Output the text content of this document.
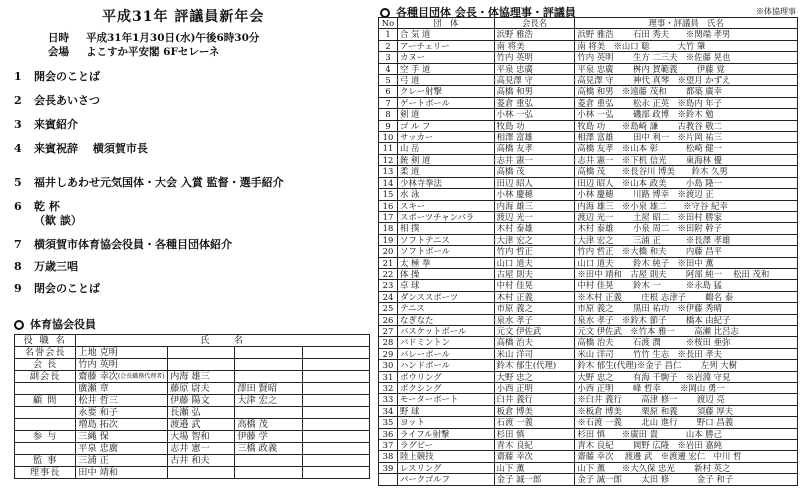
平成31年 評議員新年会
日時 平成31年1月30日(水)午後6時30分
会場 よこすか平安閣 6Fセレーネ
1 開会のことば
2 会長あいさつ
3 来賓紹介
4 来賓祝辞　 横須賀市長
5 福井しあわせ元気国体・大会 入賞 監督・選手紹介
6 乾 杯
（歓 談）
7 横須賀市体育協会役員・各種目団体紹介
8 万歳三唱
9 閉会のことば
体育協会役員
役 職 名	氏　　名			
名誉会長	上地 克明			
会 長	竹内 英明			
副会長	齋藤 幸次(会長職務代理者)	内海 雄三		
	廣瀬 章	藤原 尉夫	澤田 賢昭	
顧 問	松井 哲三	伊藤 陽文	大津 宏之	
	永要 和子	長瀬 弘		
	増島 拓次	渡邉 武	高橋 茂	
参 与	三縄 保	大場 智和	伊藤 学	
	平泉 忠廣	志井 憲一	三橋 政義	
監 事	三浦 正	古井 和夫		
理事長	田中 靖和			
各種目団体 会長・体協理事・評議員	※体協理事
No	団　体	会長名	理事・評議員　氏名
1	合 気 道	浜野 雅浩	浜野 雅浩　　 石田 秀夫　　※関端 孝男
2	アーチェリー	南 将美	南 将美　※山口 聡　　　 大竹 肇
3	カヌー	竹内 英明	竹内 英明　　 生方 二三夫　※佐藤 晃也
4	空 手 道	平泉 忠廣	平泉 忠廣　　 桝内 賀範義　　 伊藤 覚
5	弓 道	高見澤 守	高見澤 守　　 神代 真琴　※望月 かずえ
6	クレー射撃	高橋 和男	高橋 和男　※遠藤 茂和　　 都築 廣幸
7	ゲートボール	菱倉 重弘	菱倉 重弘　　 松永 正英　※島内 年子
8	剣 道	小林 一弘	小林 一弘　　 磯部 政博　※鈴木 勉
9	ゴ ル フ	牧島 功	牧島 功　　※島崎 謙　　 古教谷 敬二
10	サッカー	相澤 富雄	相澤 富雄　　 田中 利一　※片岡 祐三
11	山 岳	高橋 友孝	高橋 友孝　※山本 彰　　　 松崎 健一
12	銃 剣 道	志井 憲一	志井 憲一　※下机 信光　　 東海林 優
13	柔 道	高橋 茂	高橋 茂　　※長谷川 博美　　鈴木 久男
14	少林寺拳法	田辺 昭人	田辺 昭人　※山本 政美　　 小島 隆一
15	水 泳	小林 慶穂	小林 慶穂　　 川路 博幸　※渡辺 正
16	スキー	内海 雄三	内海 雄三　※小泉 雄二　　※守谷 紀幸
17	スポーツチャンバラ	渡辺 光一	渡辺 光一　　 土屋 昭二　※田村 勝家
18	相 撲	木村 泰雄	木村 泰雄　　 小泉 周二　※田附 幹子
19	ソフトテニス	大津 宏之	大津 宏之　　 三浦 正　　　※長澤 孝雄
20	ソフトボール	竹内 哲正	竹内 哲正　※大橋 和夫　　 内藤 昌平
21	太 極 拳	山口 道夫	山口 道夫　　 鈴木 純子　※田中 薫
22	体 操	古屋 則夫	※田中 靖和　古屋 則夫　　 阿部 純一　 松田 茂和
23	卓 球	中村 佳晃	中村 佳晃　　 鈴木 一　　　※永島 猛
24	ダンススポーツ	木村 正義	※木村 正義　　 庄根 志津子　　 鶴名 泰
25	テニス	市原 義之	市原 義之　　 黒田 祐功　※伊藤 秀晴
26	なぎなた	泉水 孝子	泉水 孝子　※鈴木 節子　　 橋本 由紀子
27	バスケットボール	元文 伊佐武	元文 伊佐武　※竹本 雅一　　 高瀬 比呂志
28	バドミントン	高橋 治夫	高橋 治夫　　 石渡 潤　　　※桜田 亜弥
29	バレーボール	米山 洋司	米山 洋司　　 竹竹 生志　※長田 孝夫
30	ハンドボール	鈴木 郁生(代理)	鈴木 郁生(代理)※金子 昌仁　　 左列 大樹
31	ボウリング	大野 忠之	大野 忠之　　 有海 千駒子　※岩淵 守見
32	ボクシング	小西 正明	小西 正明　　 峰 哲幸　　 ※岡山 勇一
33	モーターボート	臼井 義行	※臼井 義行　　 高津 修一　　 渡辺 亮
34	野 球	板倉 博美	※板倉 博美　　 栗原 和義　　 須藤 厚夫
35	ヨット	石渡 一義	※石渡 一義　　 北山 進行　　 野口 昌義
36	ライフル射撃	杉田 慎	杉田 慎　　※廣田 貴　　　 山本 勝己
37	ラグビー	青木 良紀	青木 良紀　　 岡野 広隆　※岩田 嘉純
38	陸上競技	齋藤 幸次	齋藤 幸次　 渡邊 武　※渡邊 宏仁　中川 哲
39	レスリング	山下 薫	山下 薫　　※大久保 忠光　　 新村 英之
	パークゴルフ	金子 誠一郎	金子 誠一郎　　 太田 修　　　 金子 和子
